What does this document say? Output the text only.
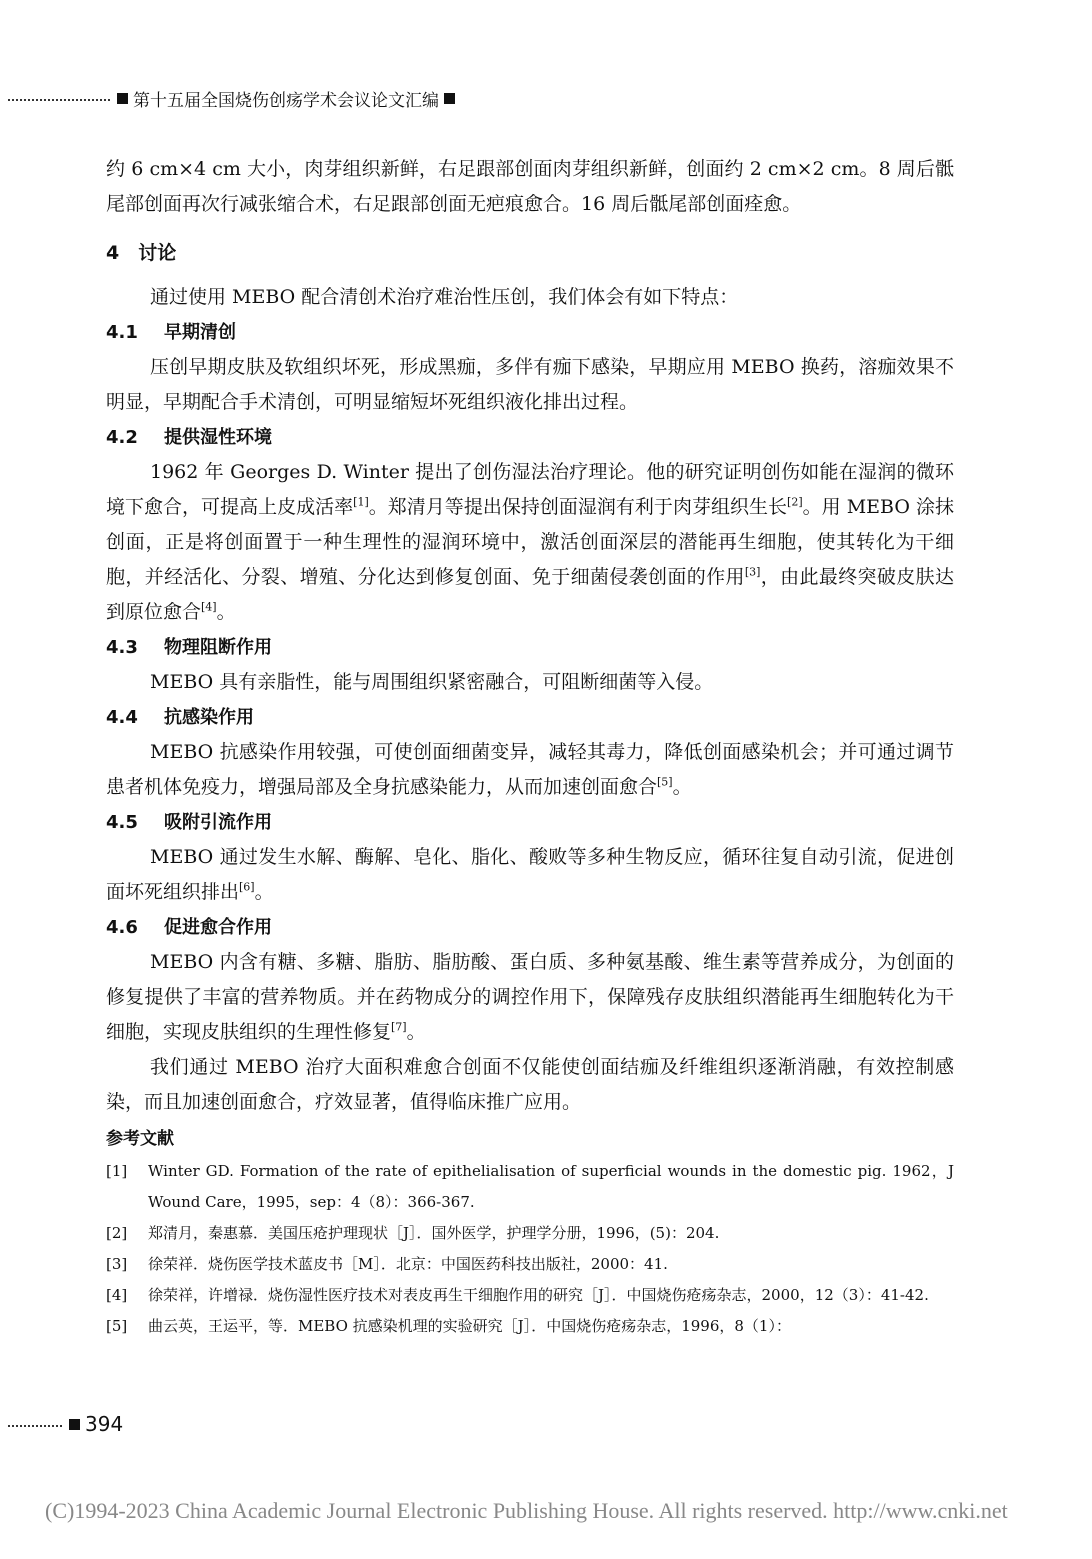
第十五届全国烧伤创疡学术会议论文汇编

约 6 cm×4 cm 大小，肉芽组织新鲜，右足跟部创面肉芽组织新鲜，创面约 2 cm×2 cm。8 周后骶尾部创面再次行减张缩合术，右足跟部创面无疤痕愈合。16 周后骶尾部创面痊愈。

4　讨论

通过使用 MEBO 配合清创术治疗难治性压创，我们体会有如下特点：

4.1 早期清创

压创早期皮肤及软组织坏死，形成黑痂，多伴有痂下感染，早期应用 MEBO 换药，溶痂效果不明显，早期配合手术清创，可明显缩短坏死组织液化排出过程。

4.2 提供湿性环境

1962 年 Georges D. Winter 提出了创伤湿法治疗理论。他的研究证明创伤如能在湿润的微环境下愈合，可提高上皮成活率[1]。郑清月等提出保持创面湿润有利于肉芽组织生长[2]。用 MEBO 涂抹创面，正是将创面置于一种生理性的湿润环境中，激活创面深层的潜能再生细胞，使其转化为干细胞，并经活化、分裂、增殖、分化达到修复创面、免于细菌侵袭创面的作用[3]，由此最终突破皮肤达到原位愈合[4]。

4.3 物理阻断作用

MEBO 具有亲脂性，能与周围组织紧密融合，可阻断细菌等入侵。

4.4 抗感染作用

MEBO 抗感染作用较强，可使创面细菌变异，减轻其毒力，降低创面感染机会；并可通过调节患者机体免疫力，增强局部及全身抗感染能力，从而加速创面愈合[5]。

4.5 吸附引流作用

MEBO 通过发生水解、酶解、皂化、脂化、酸败等多种生物反应，循环往复自动引流，促进创面坏死组织排出[6]。

4.6 促进愈合作用

MEBO 内含有糖、多糖、脂肪、脂肪酸、蛋白质、多种氨基酸、维生素等营养成分，为创面的修复提供了丰富的营养物质。并在药物成分的调控作用下，保障残存皮肤组织潜能再生细胞转化为干细胞，实现皮肤组织的生理性修复[7]。

我们通过 MEBO 治疗大面积难愈合创面不仅能使创面结痂及纤维组织逐渐消融，有效控制感染，而且加速创面愈合，疗效显著，值得临床推广应用。

参考文献
[1]	Winter GD. Formation of the rate of epithelialisation of superficial wounds in the domestic pig. 1962，J Wound Care，1995，sep：4（8）：366-367.
[2]	郑清月，秦惠慕．美国压疮护理现状［J］．国外医学，护理学分册，1996，(5)：204.
[3]	徐荣祥．烧伤医学技术蓝皮书［M］．北京：中国医药科技出版社，2000：41.
[4]	徐荣祥，许增禄．烧伤湿性医疗技术对表皮再生干细胞作用的研究［J］．中国烧伤疮疡杂志，2000，12（3）：41-42.
[5]	曲云英，王运平，等．MEBO 抗感染机理的实验研究［J］．中国烧伤疮疡杂志，1996，8（1）：
394
(C)1994-2023 China Academic Journal Electronic Publishing House. All rights reserved. http://www.cnki.net
